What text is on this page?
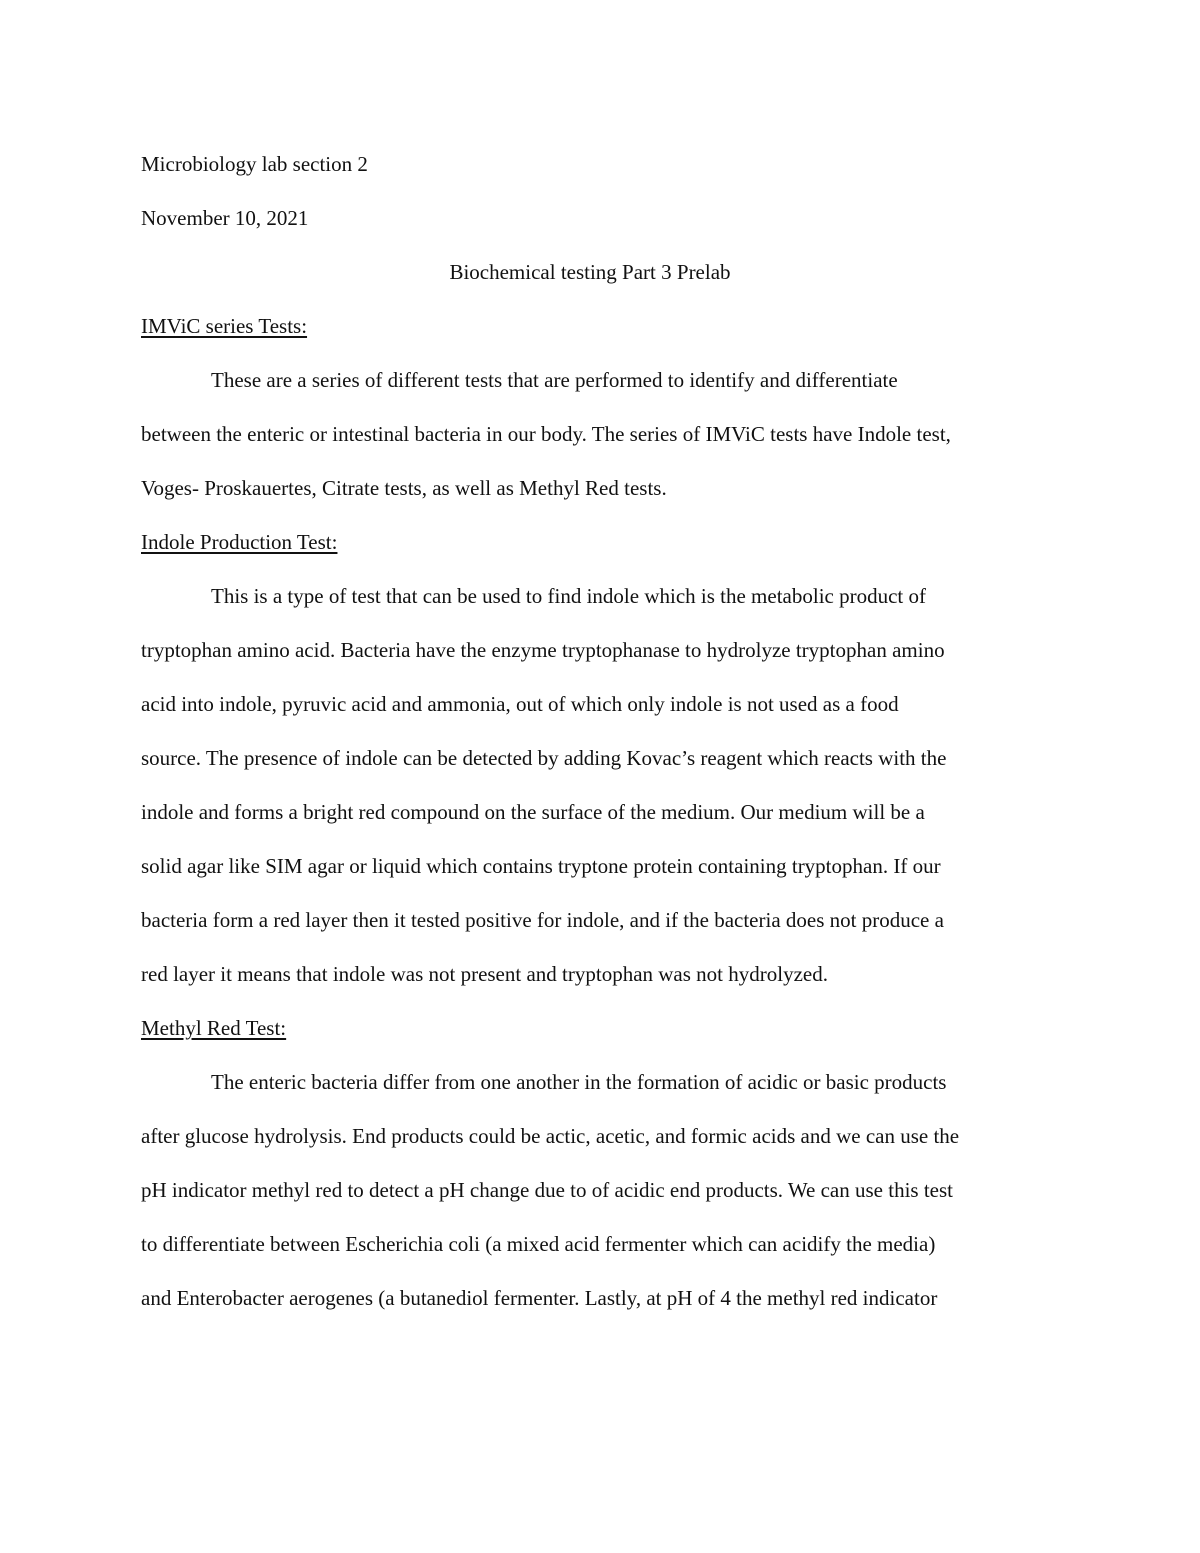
Microbiology lab section 2
November 10, 2021
Biochemical testing Part 3 Prelab
IMViC series Tests:
These are a series of different tests that are performed to identify and differentiate
between the enteric or intestinal bacteria in our body. The series of IMViC tests have Indole test,
Voges- Proskauertes, Citrate tests, as well as Methyl Red tests.
Indole Production Test:
This is a type of test that can be used to find indole which is the metabolic product of
tryptophan amino acid. Bacteria have the enzyme tryptophanase to hydrolyze tryptophan amino
acid into indole, pyruvic acid and ammonia, out of which only indole is not used as a food
source. The presence of indole can be detected by adding Kovac’s reagent which reacts with the
indole and forms a bright red compound on the surface of the medium. Our medium will be a
solid agar like SIM agar or liquid which contains tryptone protein containing tryptophan. If our
bacteria form a red layer then it tested positive for indole, and if the bacteria does not produce a
red layer it means that indole was not present and tryptophan was not hydrolyzed.
Methyl Red Test:
The enteric bacteria differ from one another in the formation of acidic or basic products
after glucose hydrolysis. End products could be actic, acetic, and formic acids and we can use the
pH indicator methyl red to detect a pH change due to of acidic end products. We can use this test
to differentiate between Escherichia coli (a mixed acid fermenter which can acidify the media)
and Enterobacter aerogenes (a butanediol fermenter. Lastly, at pH of 4 the methyl red indicator
